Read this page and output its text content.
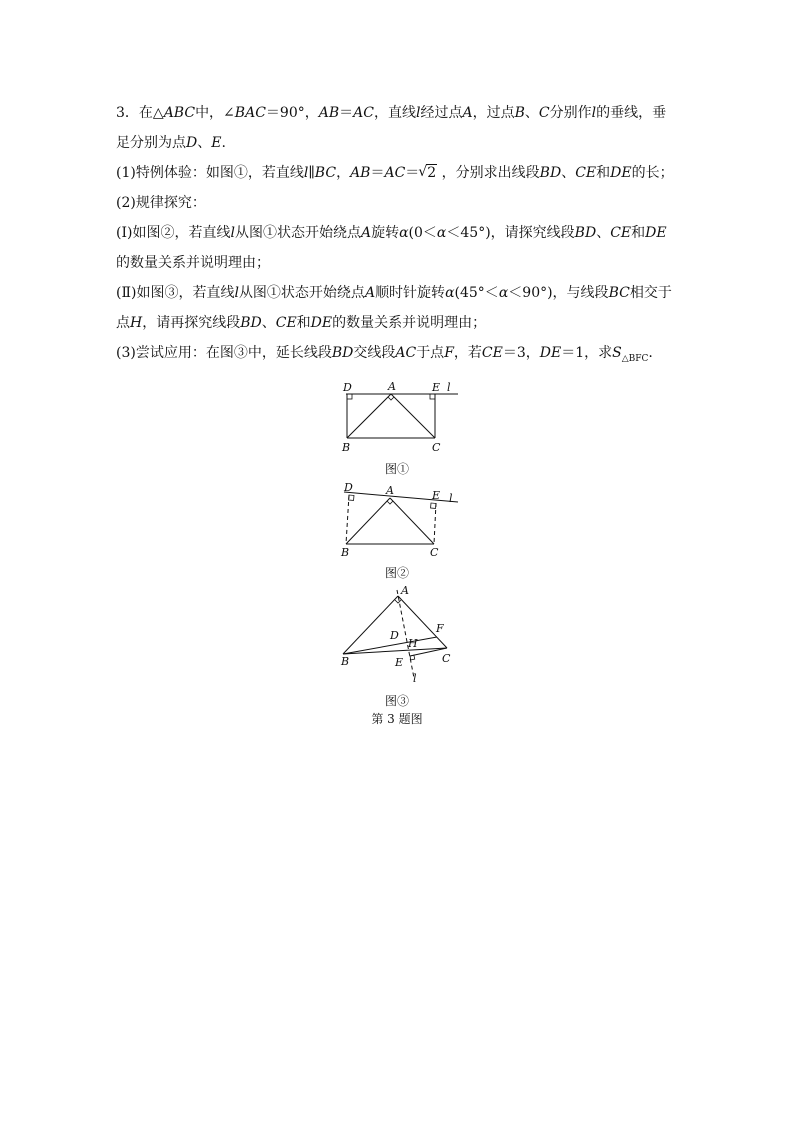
3．在△ABC中，∠BAC＝90°，AB＝AC，直线l经过点A，过点B、C分别作l的垂线，垂
足分别为点D、E.
(1)特例体验：如图①，若直线l∥BC，AB＝AC＝√ 2 ，分别求出线段BD、CE和DE的长；
(2)规律探究：
(Ⅰ)如图②，若直线l从图①状态开始绕点A旋转α(0＜α＜45°)，请探究线段BD、CE和DE
的数量关系并说明理由；
(Ⅱ)如图③，若直线l从图①状态开始绕点A顺时针旋转α(45°＜α＜90°)，与线段BC相交于
点H，请再探究线段BD、CE和DE的数量关系并说明理由；
(3)尝试应用：在图③中，延长线段BD交线段AC于点F，若CE＝3，DE＝1，求$S_{\triangle BFC}$.
D	A	E l
B	C
图①
D	A	E l
B	C
图②
A
D
F
H
B	E	C
l
图③
第 3 题图
